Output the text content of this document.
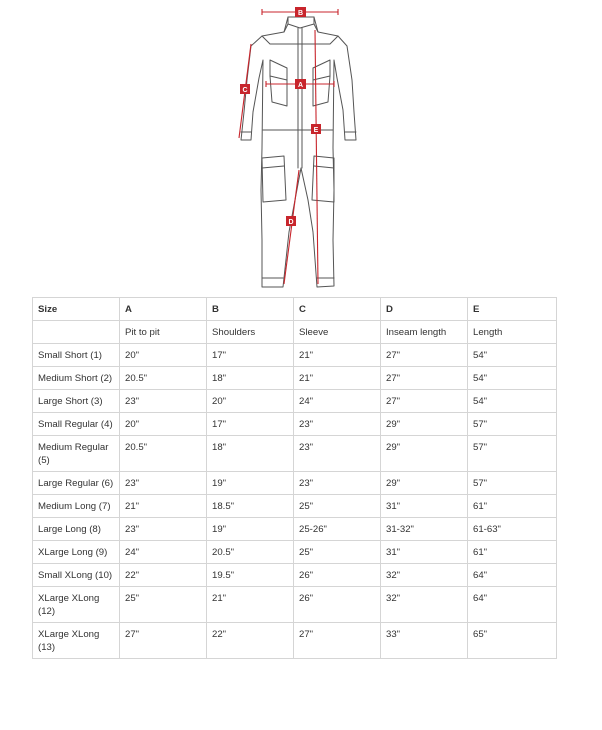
B
A
C
E
D
Size	A	B	C	D	E
	Pit to pit	Shoulders	Sleeve	Inseam length	Length
Small Short (1)	20"	17"	21"	27"	54"
Medium Short (2)	20.5"	18"	21"	27"	54"
Large Short (3)	23"	20"	24"	27"	54"
Small Regular (4)	20"	17"	23"	29"	57"
Medium Regular (5)	20.5"	18"	23"	29"	57"
Large Regular (6)	23"	19"	23"	29"	57"
Medium Long (7)	21"	18.5"	25"	31"	61"
Large Long (8)	23"	19"	25-26"	31-32"	61-63"
XLarge Long (9)	24"	20.5"	25"	31"	61"
Small XLong (10)	22"	19.5"	26"	32"	64"
XLarge XLong (12)	25"	21"	26"	32"	64"
XLarge XLong (13)	27"	22"	27"	33"	65"
